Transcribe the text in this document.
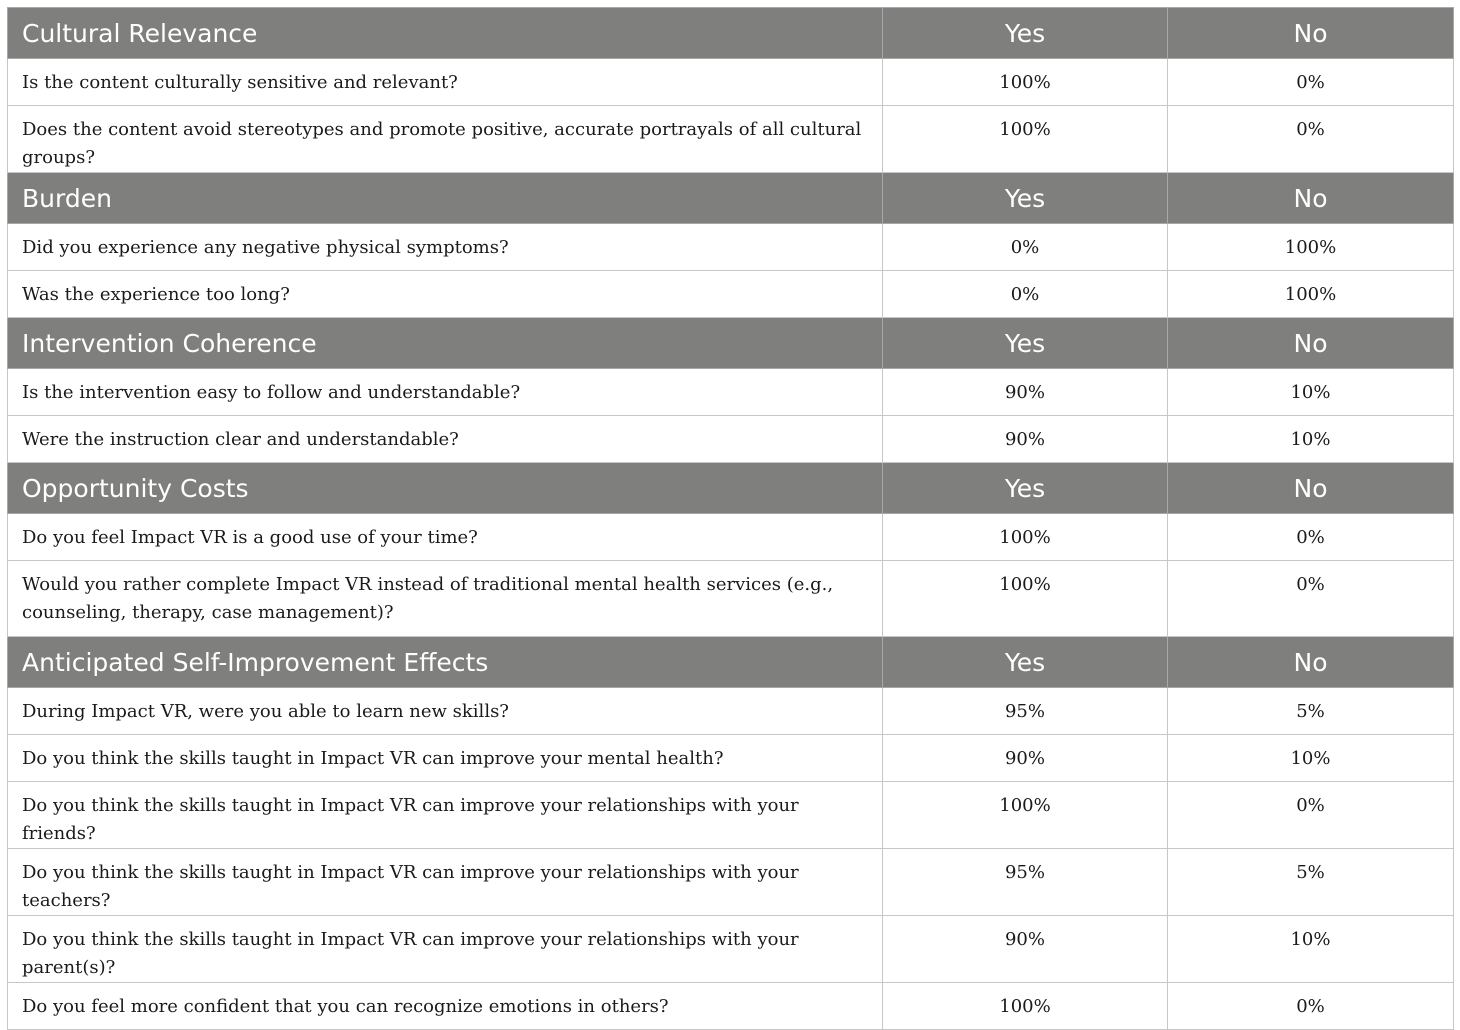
Cultural Relevance	Yes	No
Is the content culturally sensitive and relevant?	100%	0%
Does the content avoid stereotypes and promote positive, accurate portrayals of all cultural groups?	100%	0%
Burden	Yes	No
Did you experience any negative physical symptoms?	0%	100%
Was the experience too long?	0%	100%
Intervention Coherence	Yes	No
Is the intervention easy to follow and understandable?	90%	10%
Were the instruction clear and understandable?	90%	10%
Opportunity Costs	Yes	No
Do you feel Impact VR is a good use of your time?	100%	0%
Would you rather complete Impact VR instead of traditional mental health services (e.g., counseling, therapy, case management)?	100%	0%
Anticipated Self-Improvement Effects	Yes	No
During Impact VR, were you able to learn new skills?	95%	5%
Do you think the skills taught in Impact VR can improve your mental health?	90%	10%
Do you think the skills taught in Impact VR can improve your relationships with your friends?	100%	0%
Do you think the skills taught in Impact VR can improve your relationships with your teachers?	95%	5%
Do you think the skills taught in Impact VR can improve your relationships with your parent(s)?	90%	10%
Do you feel more confident that you can recognize emotions in others?	100%	0%
